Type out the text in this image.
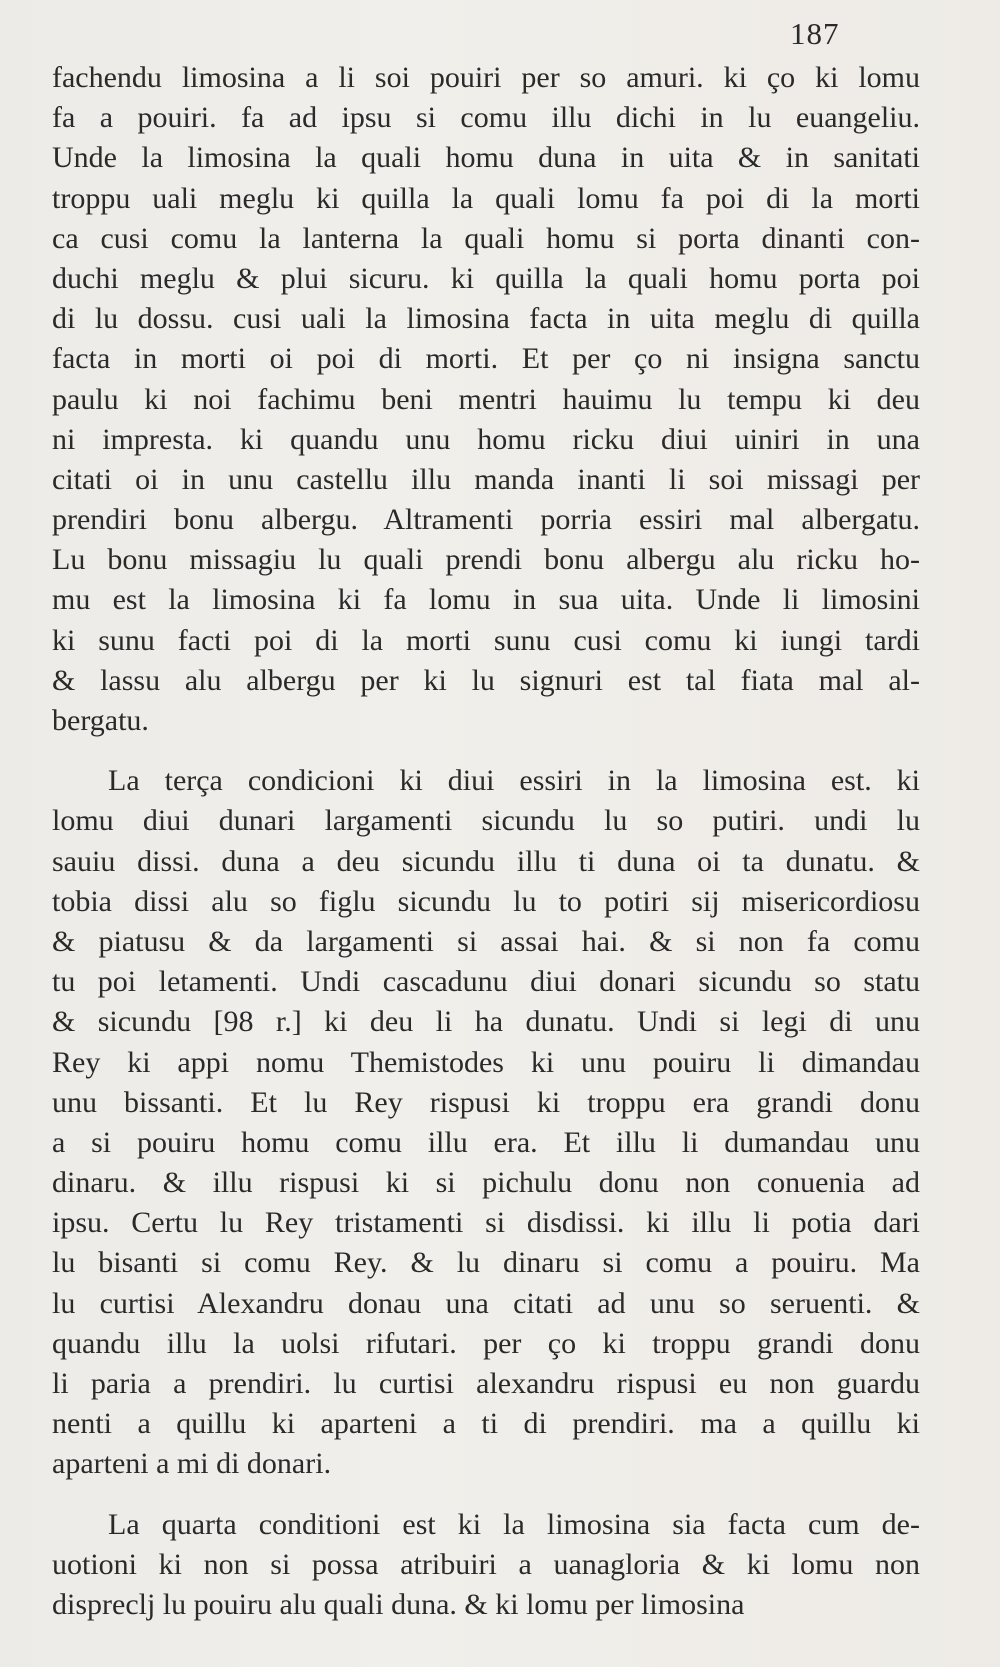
187
fachendu limosina a li soi pouiri per so amuri. ki ço ki lomu
fa a pouiri. fa ad ipsu si comu illu dichi in lu euangeliu.
Unde la limosina la quali homu duna in uita & in sanitati
troppu uali meglu ki quilla la quali lomu fa poi di la morti
ca cusi comu la lanterna la quali homu si porta dinanti con-
duchi meglu & plui sicuru. ki quilla la quali homu porta poi
di lu dossu. cusi uali la limosina facta in uita meglu di quilla
facta in morti oi poi di morti. Et per ço ni insigna sanctu
paulu ki noi fachimu beni mentri hauimu lu tempu ki deu
ni impresta. ki quandu unu homu ricku diui uiniri in una
citati oi in unu castellu illu manda inanti li soi missagi per
prendiri bonu albergu. Altramenti porria essiri mal albergatu.
Lu bonu missagiu lu quali prendi bonu albergu alu ricku ho-
mu est la limosina ki fa lomu in sua uita. Unde li limosini
ki sunu facti poi di la morti sunu cusi comu ki iungi tardi
& lassu alu albergu per ki lu signuri est tal fiata mal al-
bergatu.
La terça condicioni ki diui essiri in la limosina est. ki
lomu diui dunari largamenti sicundu lu so putiri. undi lu
sauiu dissi. duna a deu sicundu illu ti duna oi ta dunatu. &
tobia dissi alu so figlu sicundu lu to potiri sij misericordiosu
& piatusu & da largamenti si assai hai. & si non fa comu
tu poi letamenti. Undi cascadunu diui donari sicundu so statu
& sicundu [98 r.] ki deu li ha dunatu. Undi si legi di unu
Rey ki appi nomu Themistodes ki unu pouiru li dimandau
unu bissanti. Et lu Rey rispusi ki troppu era grandi donu
a si pouiru homu comu illu era. Et illu li dumandau unu
dinaru. & illu rispusi ki si pichulu donu non conuenia ad
ipsu. Certu lu Rey tristamenti si disdissi. ki illu li potia dari
lu bisanti si comu Rey. & lu dinaru si comu a pouiru. Ma
lu curtisi Alexandru donau una citati ad unu so seruenti. &
quandu illu la uolsi rifutari. per ço ki troppu grandi donu
li paria a prendiri. lu curtisi alexandru rispusi eu non guardu
nenti a quillu ki aparteni a ti di prendiri. ma a quillu ki
aparteni a mi di donari.
La quarta conditioni est ki la limosina sia facta cum de-
uotioni ki non si possa atribuiri a uanagloria & ki lomu non
dispreclj lu pouiru alu quali duna. & ki lomu per limosina
